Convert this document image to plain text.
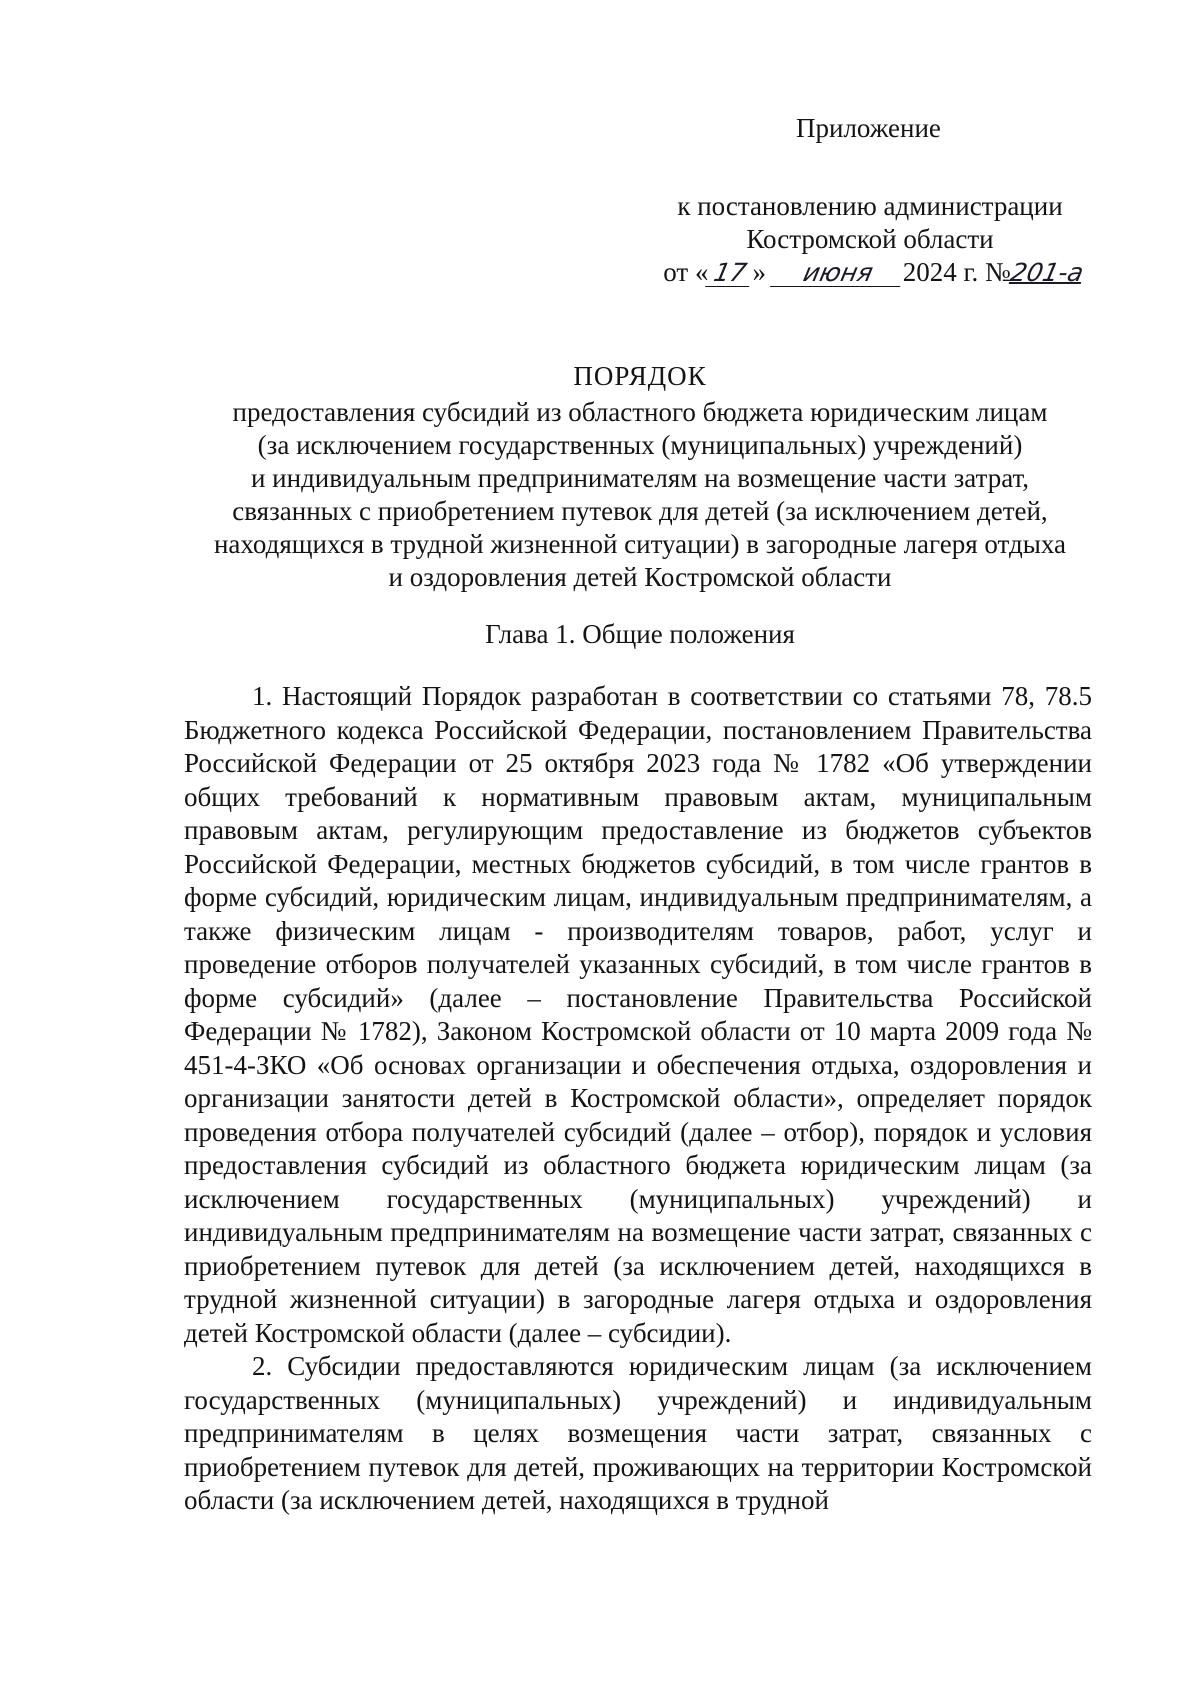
Приложение
к постановлению администрации
Костромской области
от « 17 » июня 2024 г. №201-а
ПОРЯДОК
предоставления субсидий из областного бюджета юридическим лицам
(за исключением государственных (муниципальных) учреждений)
и индивидуальным предпринимателям на возмещение части затрат,
связанных с приобретением путевок для детей (за исключением детей,
находящихся в трудной жизненной ситуации) в загородные лагеря отдыха
и оздоровления детей Костромской области
Глава 1. Общие положения

1. Настоящий Порядок разработан в соответствии со статьями 78, 78.5 Бюджетного кодекса Российской Федерации, постановлением Правительства Российской Федерации от 25 октября 2023 года № 1782 «Об утверждении общих требований к нормативным правовым актам, муниципальным правовым актам, регулирующим предоставление из бюджетов субъектов Российской Федерации, местных бюджетов субсидий, в том числе грантов в форме субсидий, юридическим лицам, индивидуальным предпринимателям, а также физическим лицам - производителям товаров, работ, услуг и проведение отборов получателей указанных субсидий, в том числе грантов в форме субсидий» (далее – постановление Правительства Российской Федерации № 1782), Законом Костромской области от 10 марта 2009 года № 451-4-ЗКО «Об основах организации и обеспечения отдыха, оздоровления и организации занятости детей в Костромской области», определяет порядок проведения отбора получателей субсидий (далее – отбор), порядок и условия предоставления субсидий из областного бюджета юридическим лицам (за исключением государственных (муниципальных) учреждений) и индивидуальным предпринимателям на возмещение части затрат, связанных с приобретением путевок для детей (за исключением детей, находящихся в трудной жизненной ситуации) в загородные лагеря отдыха и оздоровления детей Костромской области (далее – субсидии).

2. Субсидии предоставляются юридическим лицам (за исключением государственных (муниципальных) учреждений) и индивидуальным предпринимателям в целях возмещения части затрат, связанных с приобретением путевок для детей, проживающих на территории Костромской области (за исключением детей, находящихся в трудной
